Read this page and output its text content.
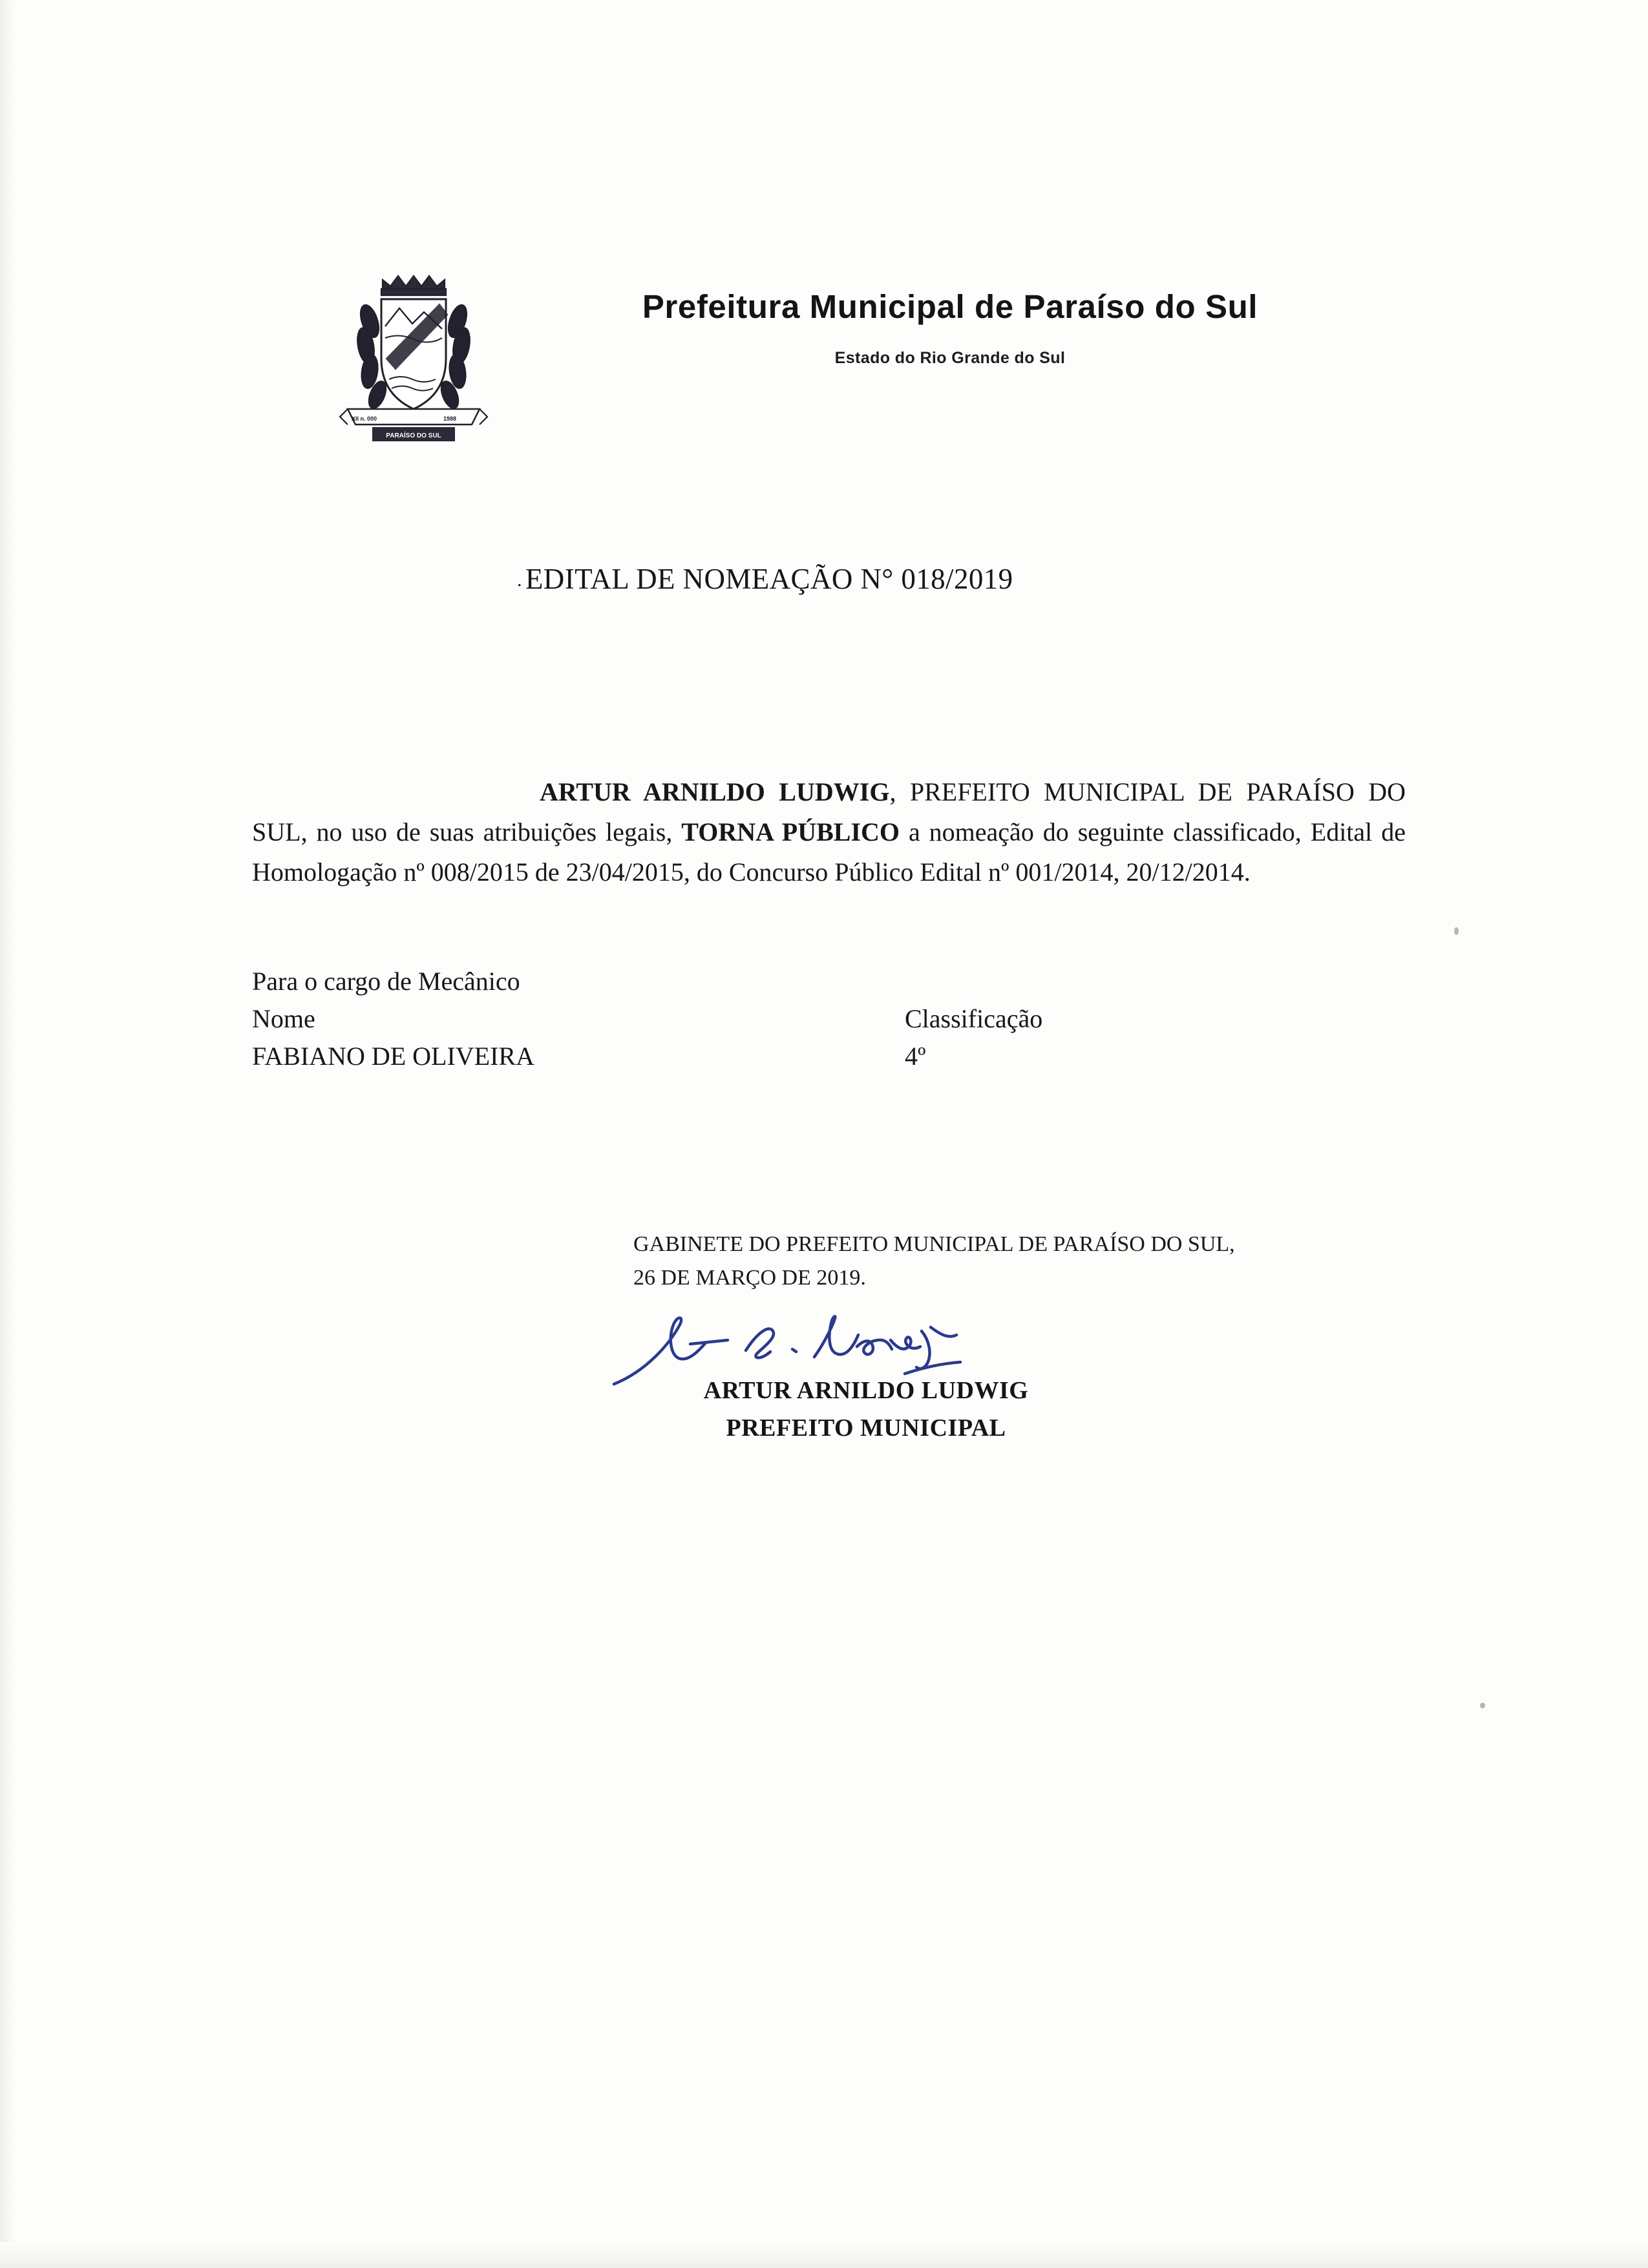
XII n. 000	1988
PARAÍSO DO SUL
Prefeitura Municipal de Paraíso do Sul
Estado do Rio Grande do Sul
. EDITAL DE NOMEAÇÃO N° 018/2019

ARTUR ARNILDO LUDWIG, PREFEITO MUNICIPAL DE PARAÍSO DO SUL, no uso de suas atribuições legais, TORNA PÚBLICO a nomeação do seguinte classificado, Edital de Homologação nº 008/2015 de 23/04/2015, do Concurso Público Edital nº 001/2014, 20/12/2014.

Para o cargo de Mecânico
Nome	Classificação
FABIANO DE OLIVEIRA	4º
GABINETE DO PREFEITO MUNICIPAL DE PARAÍSO DO SUL,
26 DE MARÇO DE 2019.
ARTUR ARNILDO LUDWIG
PREFEITO MUNICIPAL
